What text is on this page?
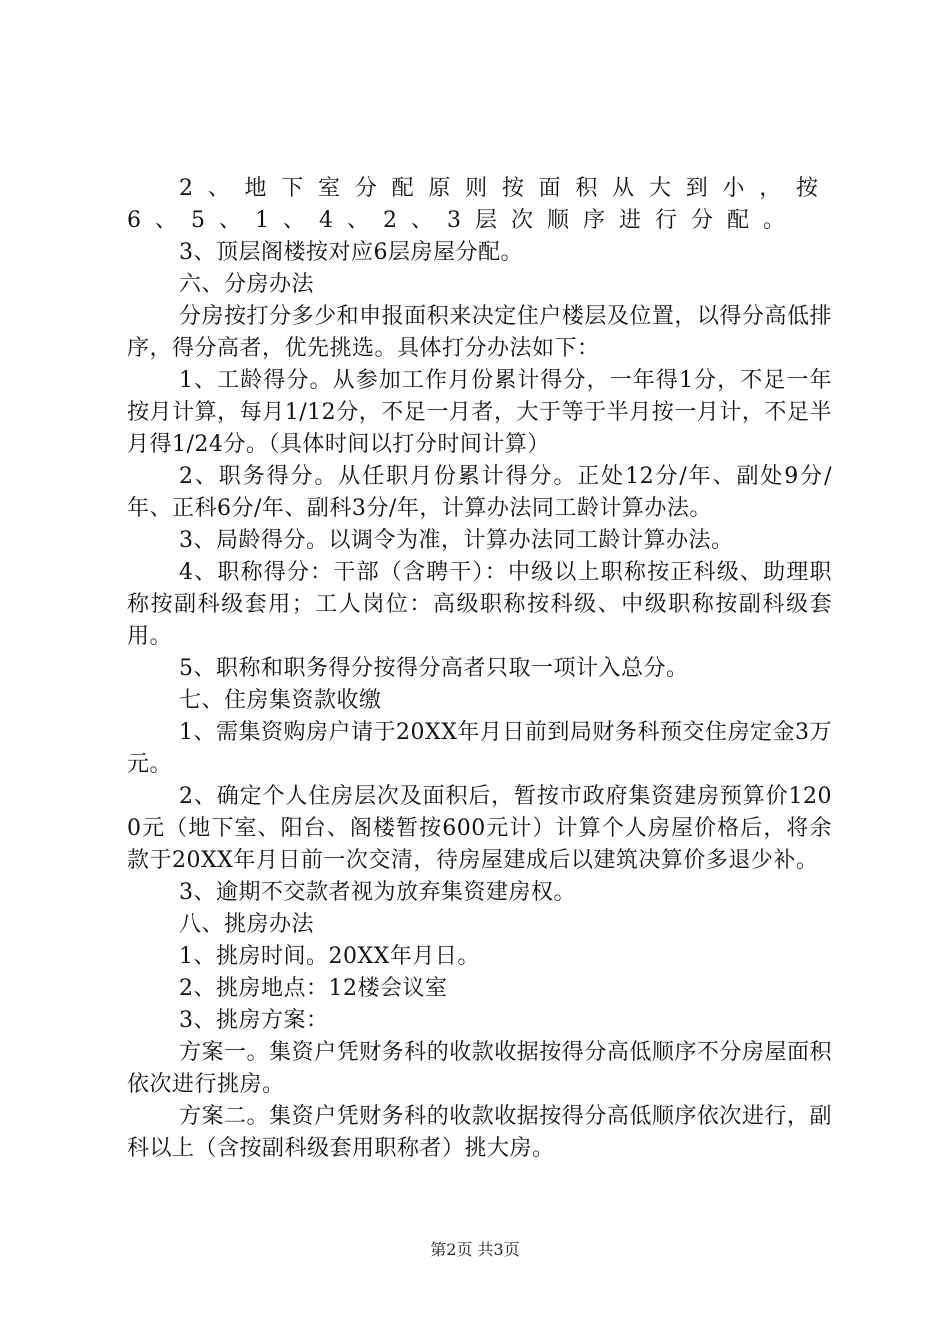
2、地下室分配原则按面积从大到小，按6、5、1、4、2、3层次顺序进行分配。

3、顶层阁楼按对应6层房屋分配。

六、分房办法

分房按打分多少和申报面积来决定住户楼层及位置，以得分高低排序，得分高者，优先挑选。具体打分办法如下：

1、工龄得分。从参加工作月份累计得分，一年得1分，不足一年按月计算，每月1/12分，不足一月者，大于等于半月按一月计，不足半月得1/24分。（具体时间以打分时间计算）

2、职务得分。从任职月份累计得分。正处12分/年、副处9分/年、正科6分/年、副科3分/年，计算办法同工龄计算办法。

3、局龄得分。以调令为准，计算办法同工龄计算办法。

4、职称得分：干部（含聘干）：中级以上职称按正科级、助理职称按副科级套用；工人岗位：高级职称按科级、中级职称按副科级套用。

5、职称和职务得分按得分高者只取一项计入总分。

七、住房集资款收缴

1、需集资购房户请于20XX年月日前到局财务科预交住房定金3万元。

2、确定个人住房层次及面积后，暂按市政府集资建房预算价1200元（地下室、阳台、阁楼暂按600元计）计算个人房屋价格后，将余款于20XX年月日前一次交清，待房屋建成后以建筑决算价多退少补。

3、逾期不交款者视为放弃集资建房权。

八、挑房办法

1、挑房时间。20XX年月日。

2、挑房地点：12楼会议室

3、挑房方案：

方案一。集资户凭财务科的收款收据按得分高低顺序不分房屋面积依次进行挑房。

方案二。集资户凭财务科的收款收据按得分高低顺序依次进行，副科以上（含按副科级套用职称者）挑大房。

第2页 共3页
